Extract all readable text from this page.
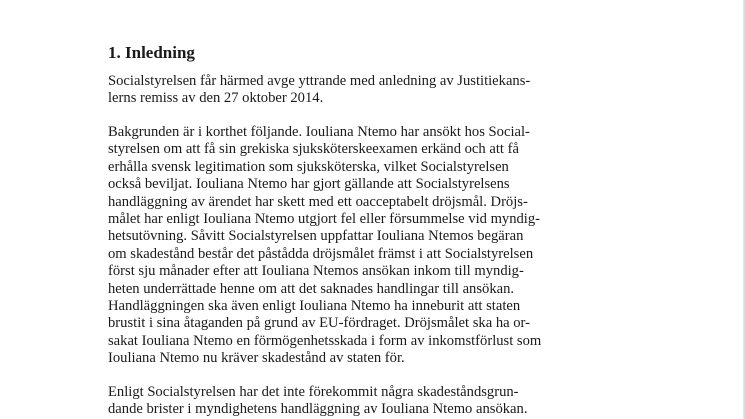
1. Inledning

Socialstyrelsen får härmed avge yttrande med anledning av Justitiekans-
lerns remiss av den 27 oktober 2014.

Bakgrunden är i korthet följande. Iouliana Ntemo har ansökt hos Social-
styrelsen om att få sin grekiska sjuksköterskeexamen erkänd och att få
erhålla svensk legitimation som sjuksköterska, vilket Socialstyrelsen
också beviljat. Iouliana Ntemo har gjort gällande att Socialstyrelsens
handläggning av ärendet har skett med ett oacceptabelt dröjsmål. Dröjs-
målet har enligt Iouliana Ntemo utgjort fel eller försummelse vid myndig-
hetsutövning. Såvitt Socialstyrelsen uppfattar Iouliana Ntemos begäran
om skadestånd består det påstådda dröjsmålet främst i att Socialstyrelsen
först sju månader efter att Iouliana Ntemos ansökan inkom till myndig-
heten underrättade henne om att det saknades handlingar till ansökan.
Handläggningen ska även enligt Iouliana Ntemo ha inneburit att staten
brustit i sina åtaganden på grund av EU-fördraget. Dröjsmålet ska ha or-
sakat Iouliana Ntemo en förmögenhetsskada i form av inkomstförlust som
Iouliana Ntemo nu kräver skadestånd av staten för.

Enligt Socialstyrelsen har det inte förekommit några skadeståndsgrun-
dande brister i myndighetens handläggning av Iouliana Ntemo ansökan.
